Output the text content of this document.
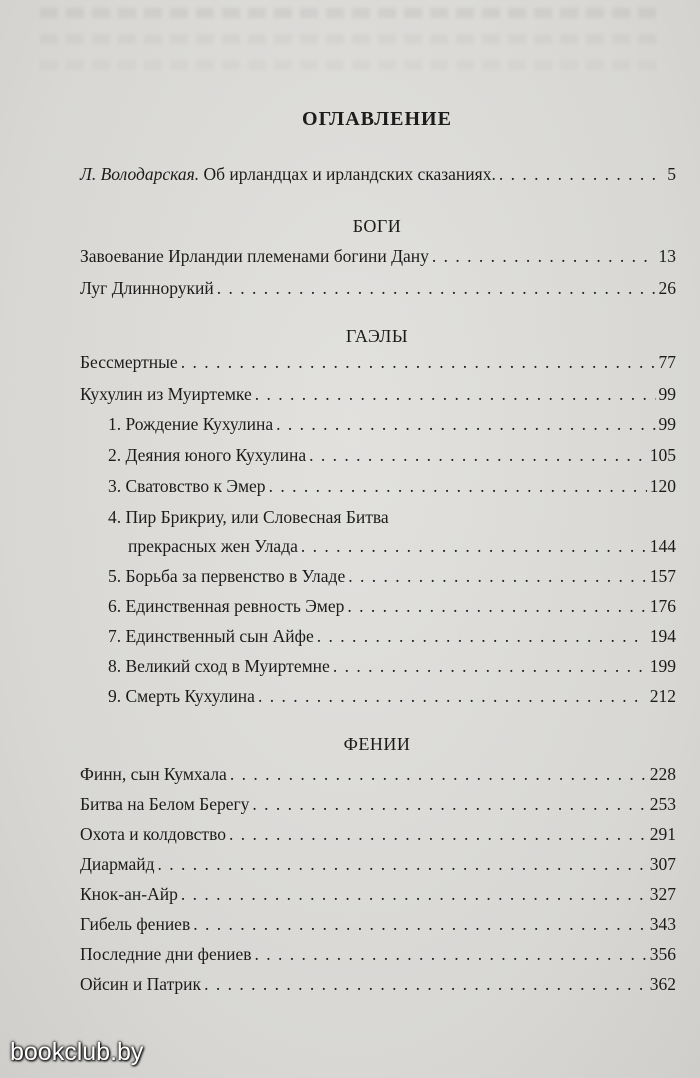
ОГЛАВЛЕНИЕ
Л. Володарская. Об ирландцах и ирландских сказаниях. . . .	5
БОГИ
Завоевание Ирландии племенами богини Дану . . .	13
Луг Длиннорукий . . .	26
ГАЭЛЫ
Бессмертные . . .	77
Кухулин из Муиртемке . . .	99
1. Рождение Кухулина . . .	99
2. Деяния юного Кухулина . . .	105
3. Сватовство к Эмер . . .	120
4. Пир Брикриу, или Словесная Битва
прекрасных жен Улада . . .	144
5. Борьба за первенство в Уладе . . .	157
6. Единственная ревность Эмер . . .	176
7. Единственный сын Айфе . . .	194
8. Великий сход в Муиртемне . . .	199
9. Смерть Кухулина . . .	212
ФЕНИИ
Финн, сын Кумхала . . .	228
Битва на Белом Берегу . . .	253
Охота и колдовство . . .	291
Диармайд . . .	307
Кнок-ан-Айр . . .	327
Гибель фениев . . .	343
Последние дни фениев . . .	356
Ойсин и Патрик . . .	362
bookclub.by
